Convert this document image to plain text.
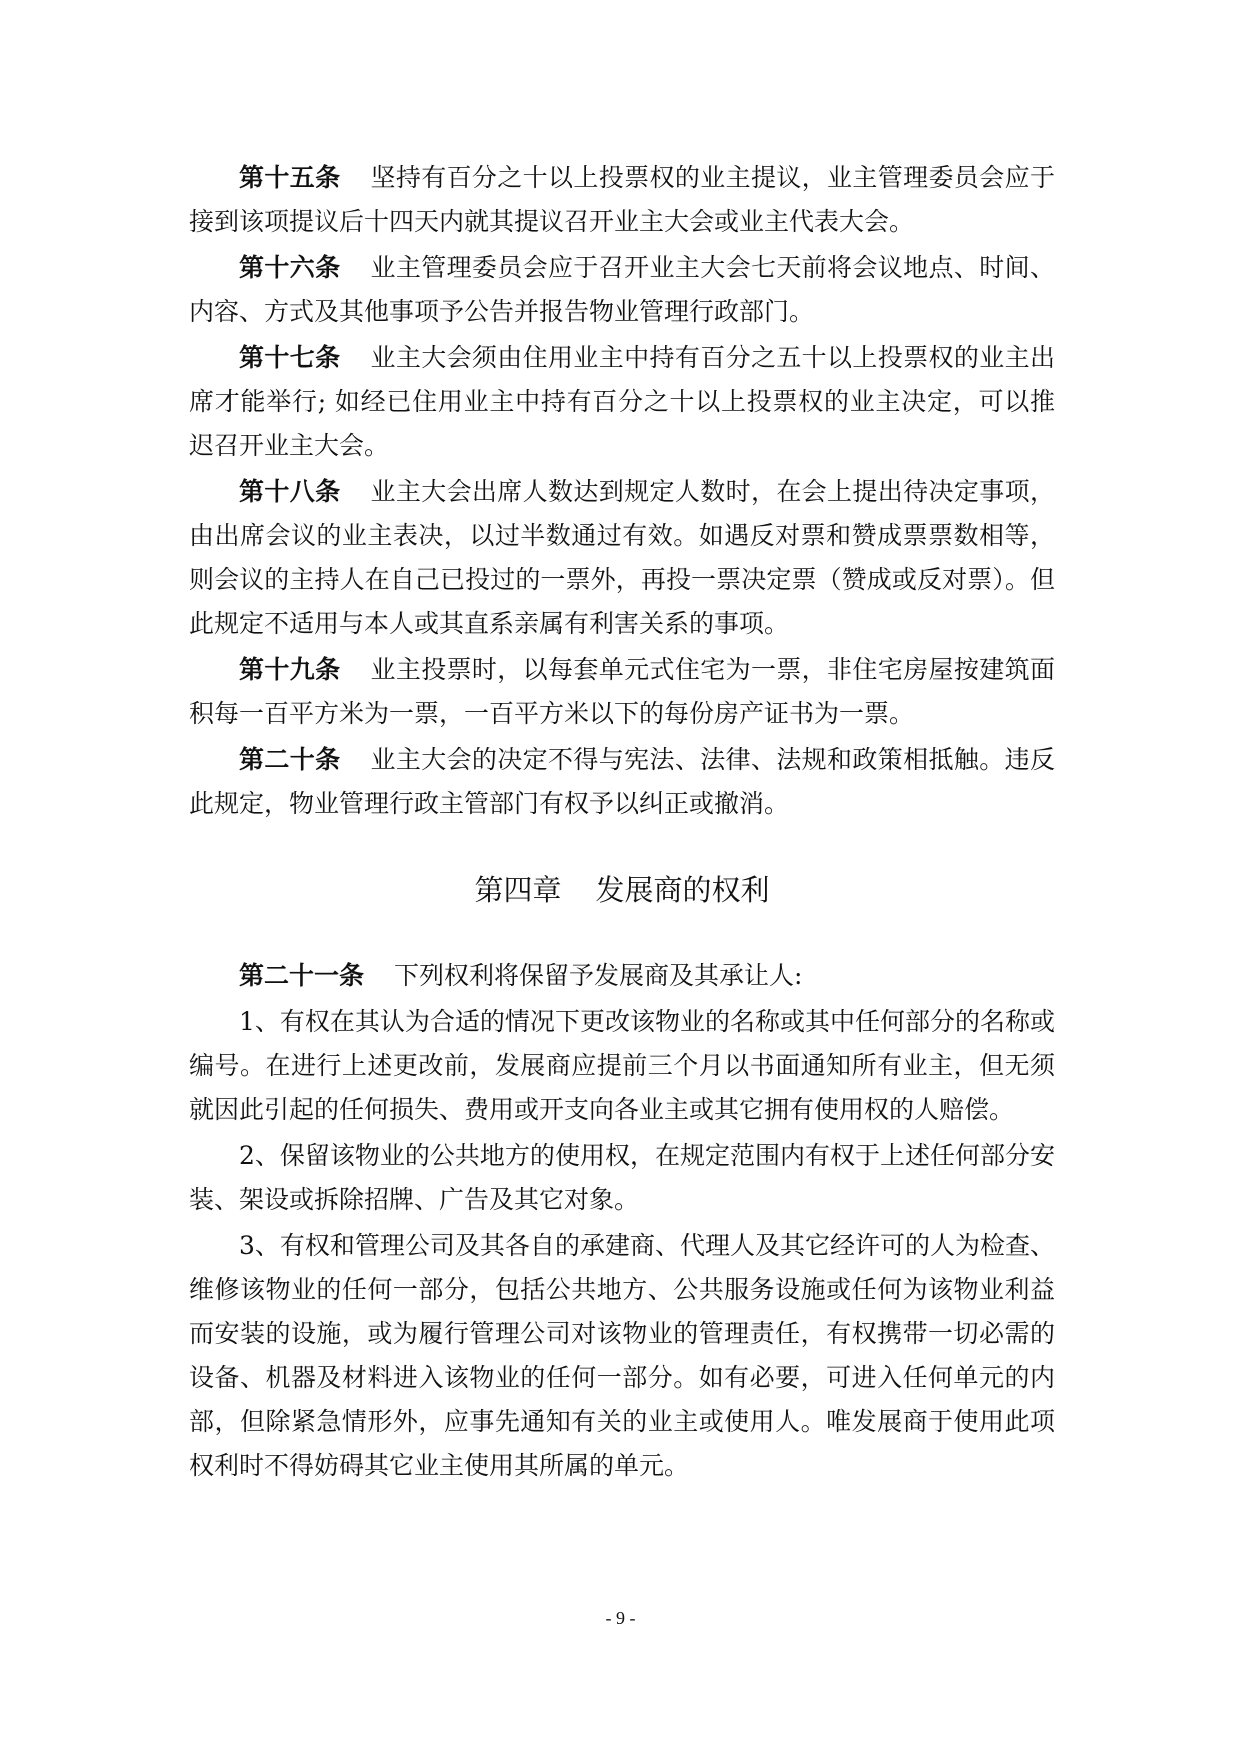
第十五条 坚持有百分之十以上投票权的业主提议，业主管理委员会应于接到该项提议后十四天内就其提议召开业主大会或业主代表大会。

第十六条 业主管理委员会应于召开业主大会七天前将会议地点、时间、内容、方式及其他事项予公告并报告物业管理行政部门。

第十七条 业主大会须由住用业主中持有百分之五十以上投票权的业主出席才能举行; 如经已住用业主中持有百分之十以上投票权的业主决定，可以推迟召开业主大会。

第十八条 业主大会出席人数达到规定人数时，在会上提出待决定事项，由出席会议的业主表决，以过半数通过有效。如遇反对票和赞成票票数相等，则会议的主持人在自己已投过的一票外，再投一票决定票（赞成或反对票）。但此规定不适用与本人或其直系亲属有利害关系的事项。

第十九条 业主投票时，以每套单元式住宅为一票，非住宅房屋按建筑面积每一百平方米为一票，一百平方米以下的每份房产证书为一票。

第二十条 业主大会的决定不得与宪法、法律、法规和政策相抵触。违反此规定，物业管理行政主管部门有权予以纠正或撤消。

第四章 发展商的权利

第二十一条 下列权利将保留予发展商及其承让人:

1、有权在其认为合适的情况下更改该物业的名称或其中任何部分的名称或编号。在进行上述更改前，发展商应提前三个月以书面通知所有业主，但无须就因此引起的任何损失、费用或开支向各业主或其它拥有使用权的人赔偿。

2、保留该物业的公共地方的使用权，在规定范围内有权于上述任何部分安装、架设或拆除招牌、广告及其它对象。

3、有权和管理公司及其各自的承建商、代理人及其它经许可的人为检查、维修该物业的任何一部分，包括公共地方、公共服务设施或任何为该物业利益而安装的设施，或为履行管理公司对该物业的管理责任，有权携带一切必需的设备、机器及材料进入该物业的任何一部分。如有必要，可进入任何单元的内部，但除紧急情形外，应事先通知有关的业主或使用人。唯发展商于使用此项权利时不得妨碍其它业主使用其所属的单元。

- 9 -
